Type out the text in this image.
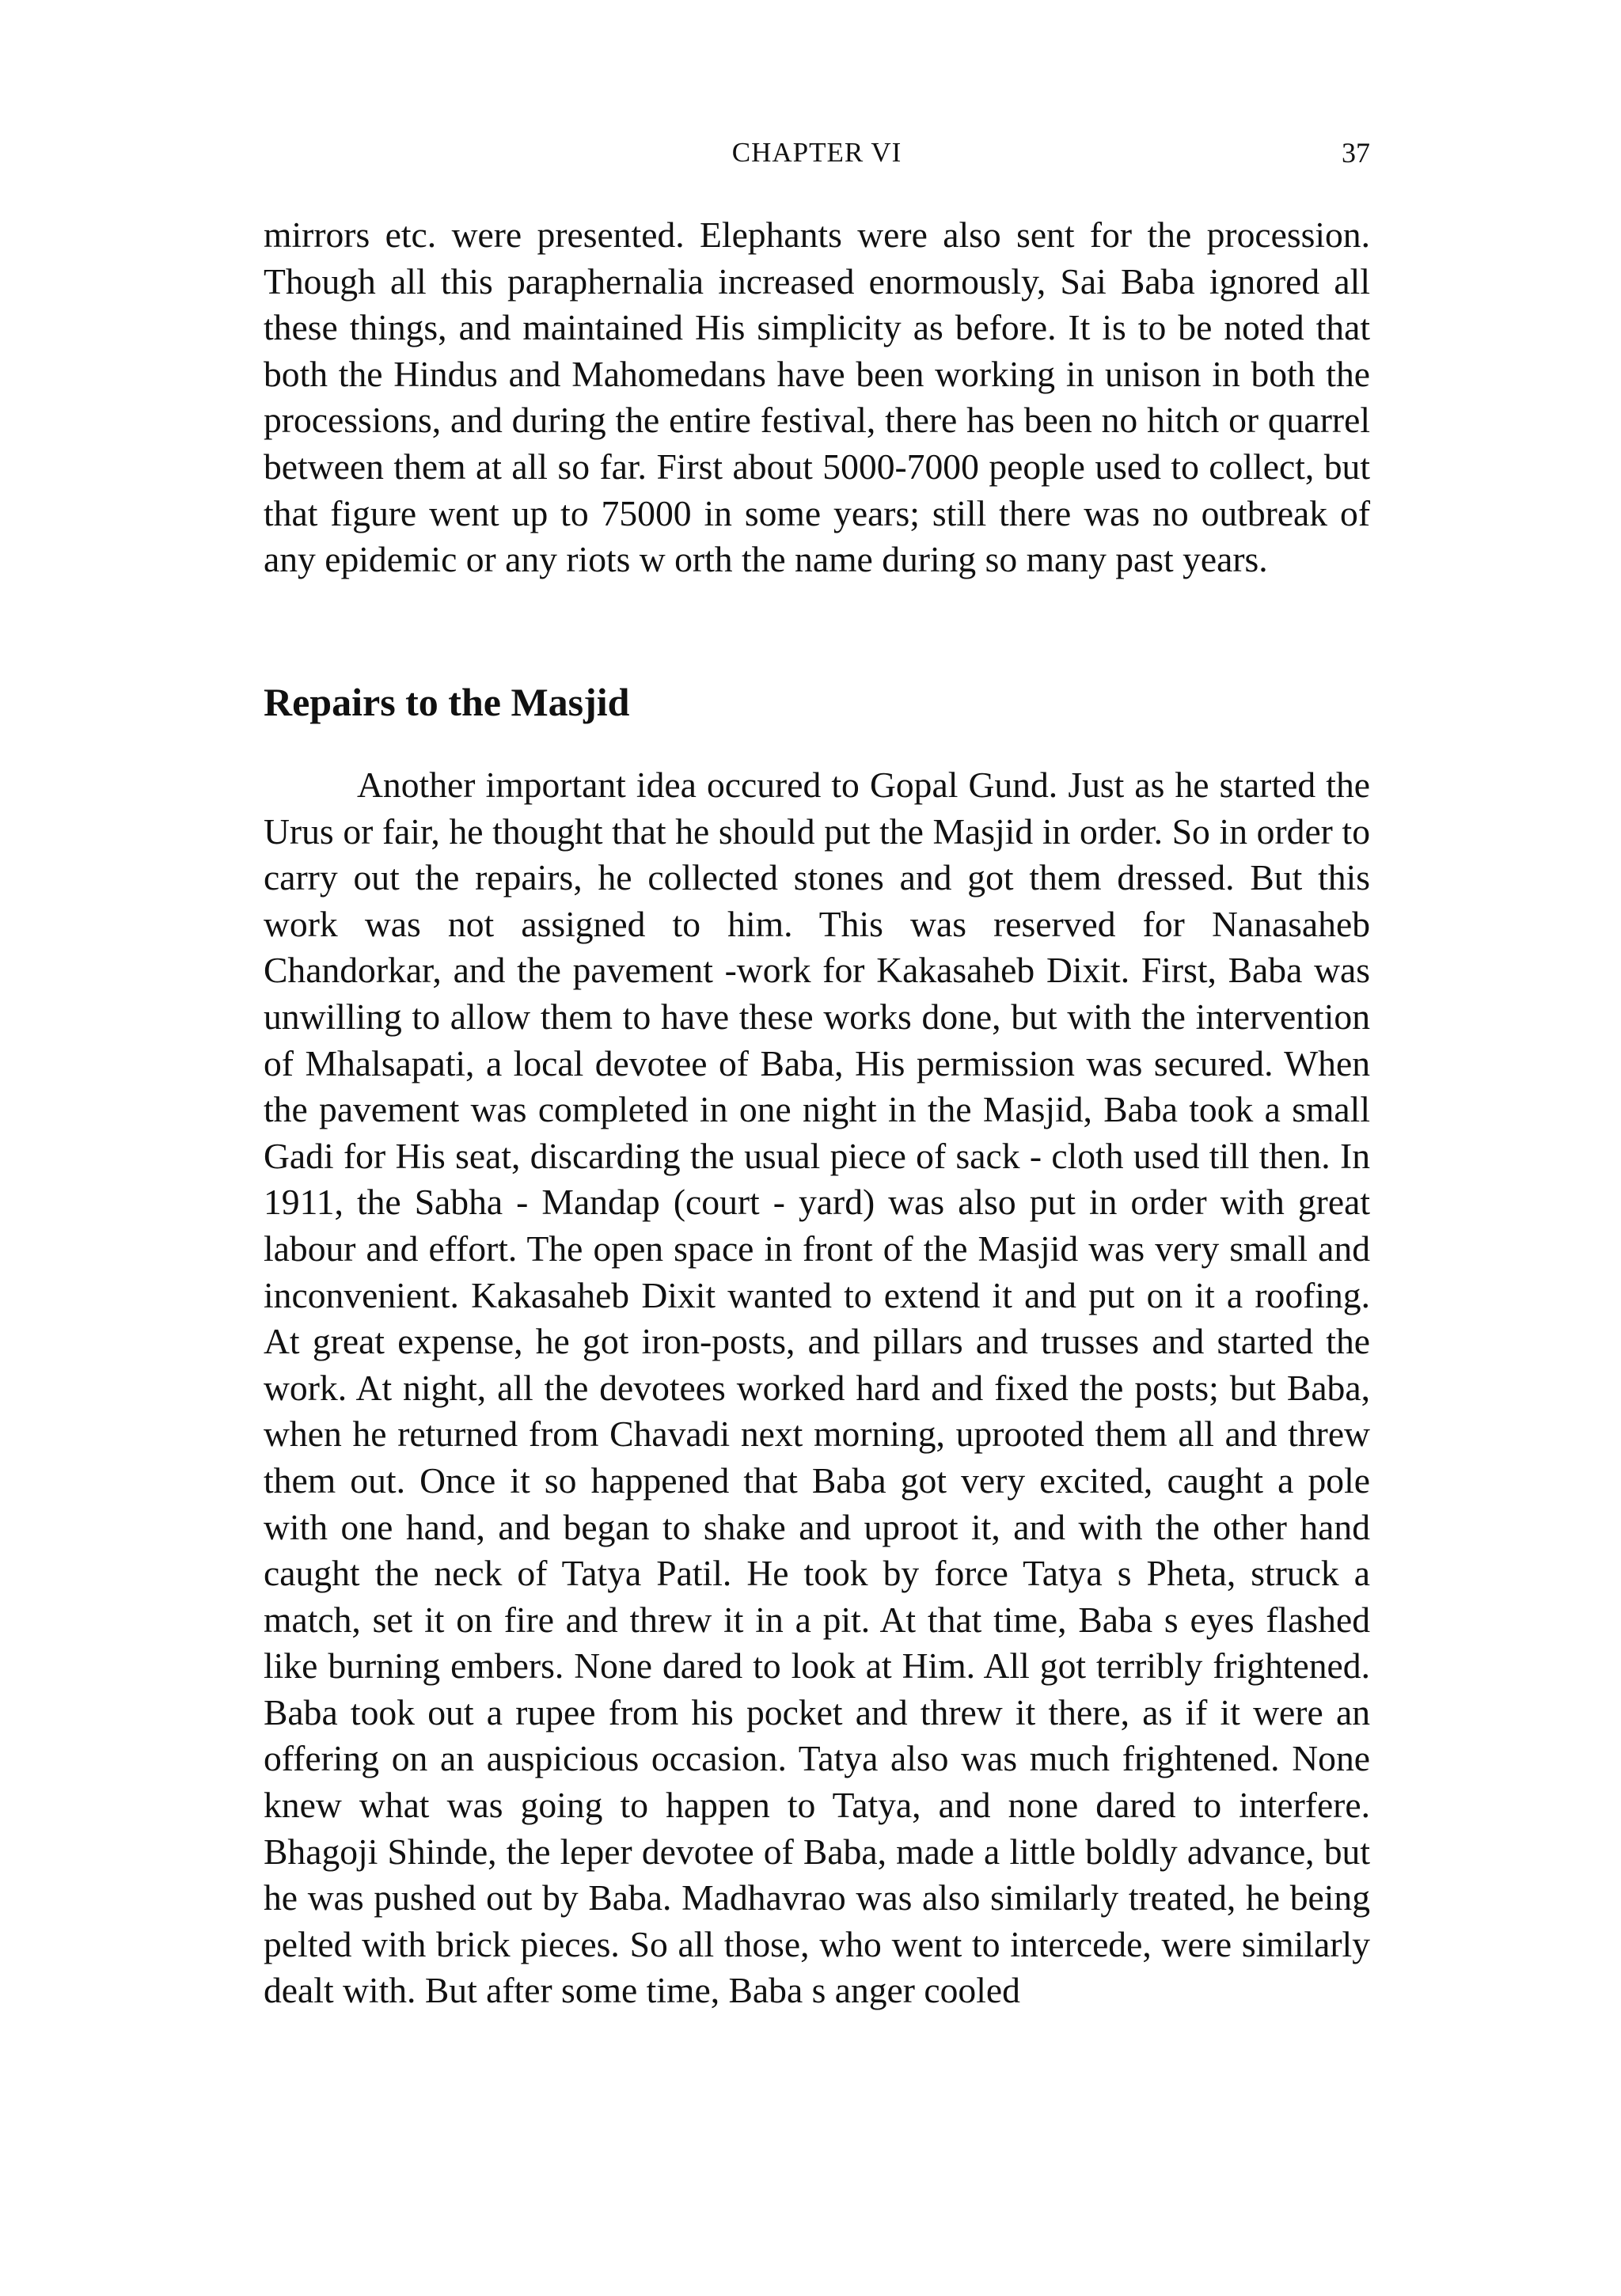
CHAPTER VI	37

mirrors etc. were presented. Elephants were also sent for the procession. Though all this paraphernalia increased enormously, Sai Baba ignored all these things, and maintained His simplicity as before. It is to be noted that both the Hindus and Mahomedans have been working in unison in both the processions, and during the entire festival, there has been no hitch or quarrel between them at all so far. First about 5000-7000 people used to collect, but that figure went up to 75000 in some years; still there was no outbreak of any epidemic or any riots w orth the name during so many past years.

Repairs to the Masjid

Another important idea occured to Gopal Gund. Just as he started the Urus or fair, he thought that he should put the Masjid in order. So in order to carry out the repairs, he collected stones and got them dressed. But this work was not assigned to him. This was reserved for Nanasaheb Chandorkar, and the pavement -work for Kakasaheb Dixit. First, Baba was unwilling to allow them to have these works done, but with the intervention of Mhalsapati, a local devotee of Baba, His permission was secured. When the pavement was completed in one night in the Masjid, Baba took a small Gadi for His seat, discarding the usual piece of sack - cloth used till then. In 1911, the Sabha - Mandap (court - yard) was also put in order with great labour and effort. The open space in front of the Masjid was very small and inconvenient. Kakasaheb Dixit wanted to extend it and put on it a roofing. At great expense, he got iron-posts, and pillars and trusses and started the work. At night, all the devotees worked hard and fixed the posts; but Baba, when he returned from Chavadi next morning, uprooted them all and threw them out. Once it so happened that Baba got very excited, caught a pole with one hand, and began to shake and uproot it, and with the other hand caught the neck of Tatya Patil. He took by force Tatya s Pheta, struck a match, set it on fire and threw it in a pit. At that time, Baba s eyes flashed like burning embers. None dared to look at Him. All got terribly frightened. Baba took out a rupee from his pocket and threw it there, as if it were an offering on an auspicious occasion. Tatya also was much frightened. None knew what was going to happen to Tatya, and none dared to interfere. Bhagoji Shinde, the leper devotee of Baba, made a little boldly advance, but he was pushed out by Baba. Madhavrao was also similarly treated, he being pelted with brick pieces. So all those, who went to intercede, were similarly dealt with. But after some time, Baba s anger cooled
